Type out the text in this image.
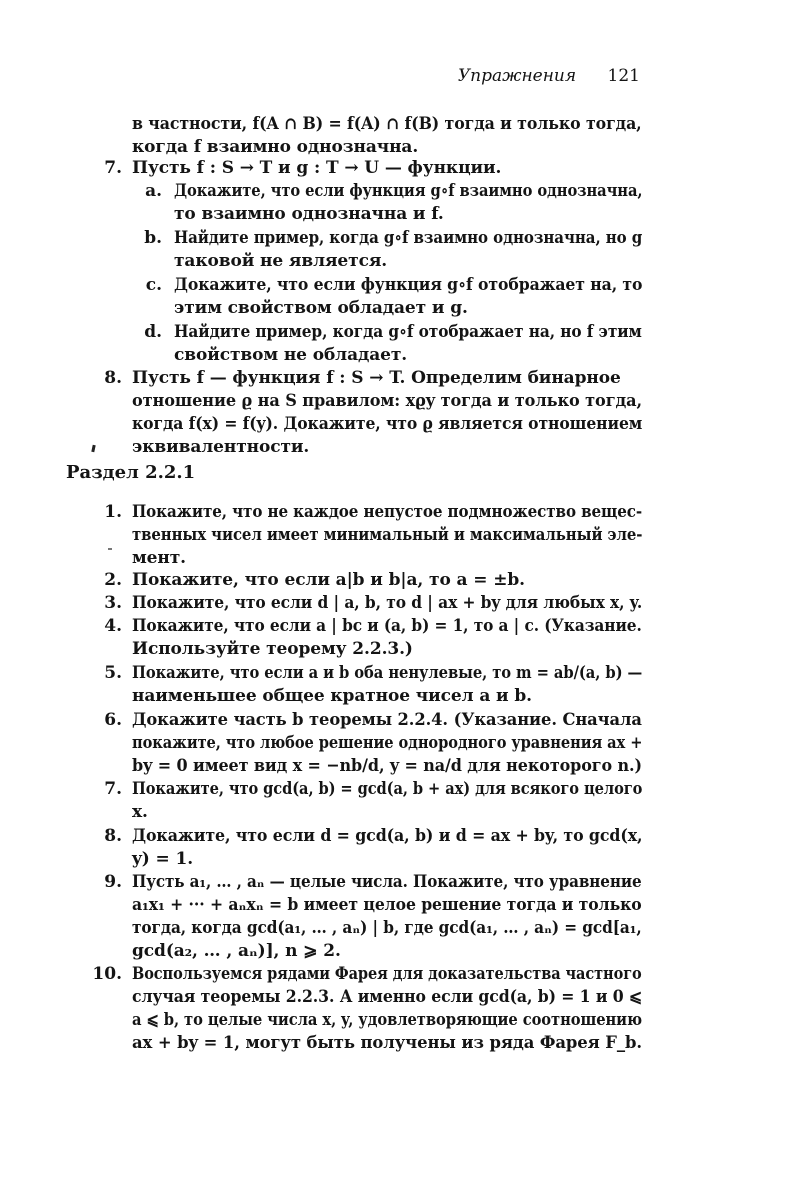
Упражнения 121
в частности, f(A ∩ B) = f(A) ∩ f(B) тогда и только тогда,
когда f взаимно однозначна.
7. Пусть f : S → T и g : T → U — функции.
a. Докажите, что если функция g∘f взаимно однозначна,
то взаимно однозначна и f.
b. Найдите пример, когда g∘f взаимно однозначна, но g
таковой не является.
c. Докажите, что если функция g∘f отображает на, то
этим свойством обладает и g.
d. Найдите пример, когда g∘f отображает на, но f этим
свойством не обладает.
8. Пусть f — функция f : S → T. Определим бинарное
отношение ϱ на S правилом: xϱy тогда и только тогда,
когда f(x) = f(y). Докажите, что ϱ является отношением
эквивалентности.
Раздел 2.2.1
1. Покажите, что не каждое непустое подмножество вещес-
твенных чисел имеет минимальный и максимальный эле-
мент.
2. Покажите, что если a|b и b|a, то a = ±b.
3. Покажите, что если d | a, b, то d | ax + by для любых x, y.
4. Покажите, что если a | bc и (a, b) = 1, то a | c. (Указание.
Используйте теорему 2.2.3.)
5. Покажите, что если a и b оба ненулевые, то m = ab/(a, b) —
наименьшее общее кратное чисел a и b.
6. Докажите часть b теоремы 2.2.4. (Указание. Сначала
покажите, что любое решение однородного уравнения ax +
by = 0 имеет вид x = −nb/d, y = na/d для некоторого n.)
7. Покажите, что gcd(a, b) = gcd(a, b + ax) для всякого целого
x.
8. Докажите, что если d = gcd(a, b) и d = ax + by, то gcd(x,
y) = 1.
9. Пусть a₁, … , aₙ — целые числа. Покажите, что уравнение
a₁x₁ + ··· + aₙxₙ = b имеет целое решение тогда и только
тогда, когда gcd(a₁, … , aₙ) | b, где gcd(a₁, … , aₙ) = gcd[a₁,
gcd(a₂, … , aₙ)], n ⩾ 2.
10. Воспользуемся рядами Фарея для доказательства частного
случая теоремы 2.2.3. А именно если gcd(a, b) = 1 и 0 ⩽
a ⩽ b, то целые числа x, y, удовлетворяющие соотношению
ax + by = 1, могут быть получены из ряда Фарея F_b.
